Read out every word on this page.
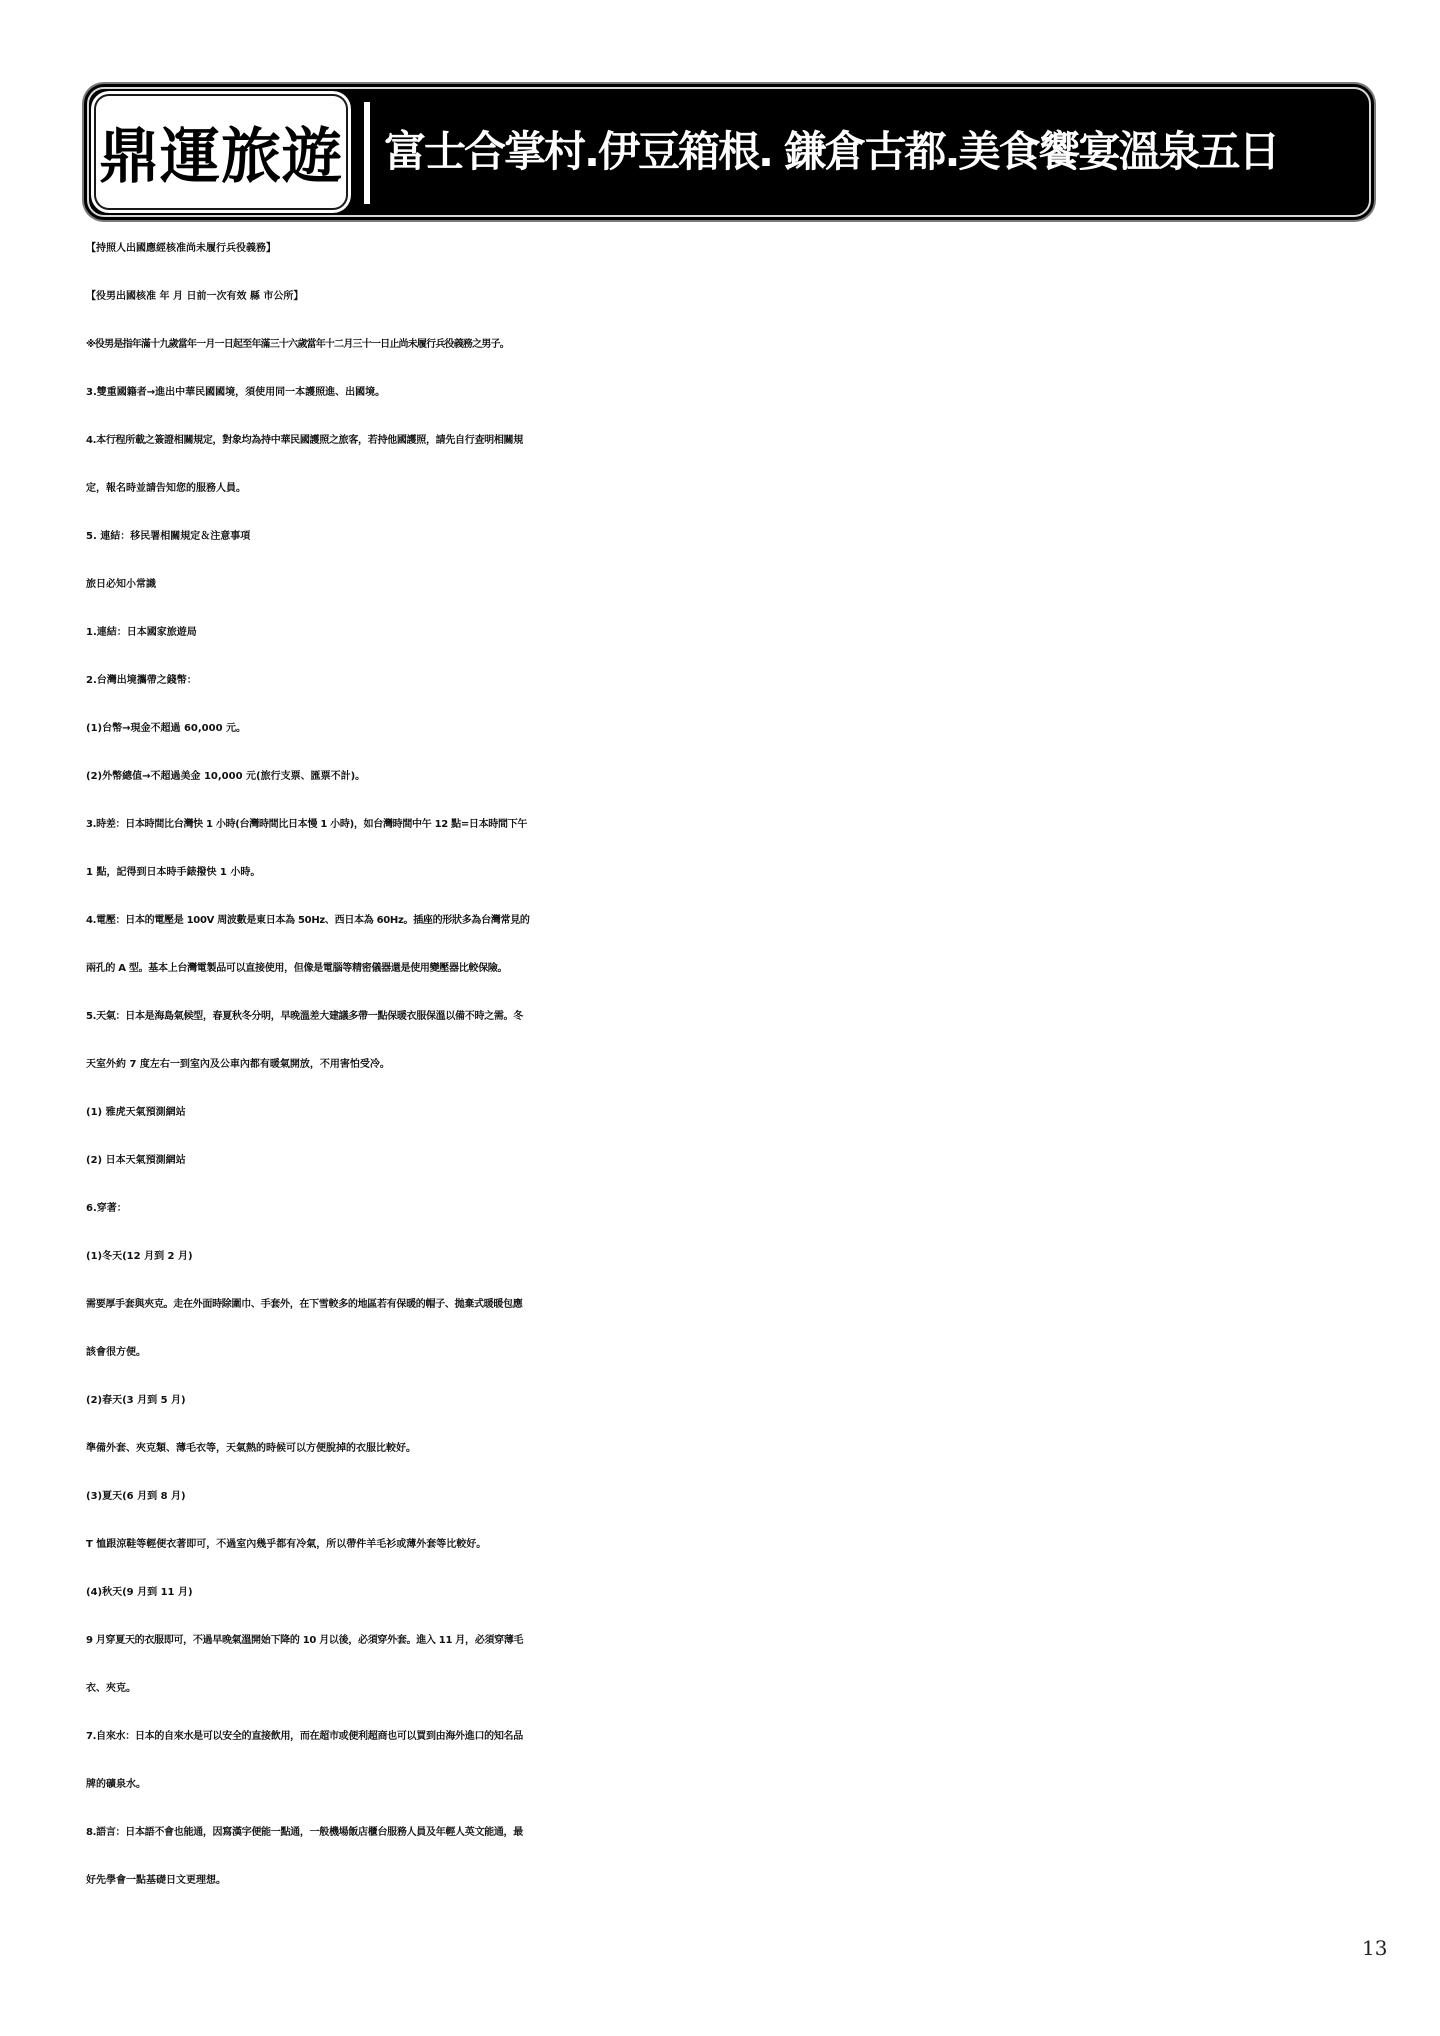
鼎運旅遊 富士合掌村.伊豆箱根. 鎌倉古都.美食饗宴溫泉五日
【持照人出國應經核准尚未履行兵役義務】
【役男出國核准 年 月 日前一次有效 縣 市公所】
※役男是指年滿十九歲當年一月一日起至年滿三十六歲當年十二月三十一日止尚未履行兵役義務之男子。
3.雙重國籍者→進出中華民國國境，須使用同一本護照進、出國境。
4.本行程所載之簽證相關規定，對象均為持中華民國護照之旅客，若持他國護照，請先自行查明相關規
定，報名時並請告知您的服務人員。
5. 連結：移民署相關規定＆注意事項
旅日必知小常識
1.連結：日本國家旅遊局
2.台灣出境攜帶之錢幣：
(1)台幣→現金不超過 60,000 元。
(2)外幣總值→不超過美金 10,000 元(旅行支票、匯票不計)。
3.時差：日本時間比台灣快 1 小時(台灣時間比日本慢 1 小時)，如台灣時間中午 12 點=日本時間下午
1 點，記得到日本時手錶撥快 1 小時。
4.電壓：日本的電壓是 100V 周波數是東日本為 50Hz、西日本為 60Hz。插座的形狀多為台灣常見的
兩孔的 A 型。基本上台灣電製品可以直接使用，但像是電腦等精密儀器還是使用變壓器比較保險。
5.天氣：日本是海島氣候型，春夏秋冬分明，早晚溫差大建議多帶一點保暖衣服保溫以備不時之需。冬
天室外約 7 度左右一到室內及公車內都有暖氣開放，不用害怕受冷。
(1) 雅虎天氣預測網站
(2) 日本天氣預測網站
6.穿著：
(1)冬天(12 月到 2 月)
需要厚手套與夾克。走在外面時除圍巾、手套外，在下雪較多的地區若有保暖的帽子、拋棄式暖暖包應
該會很方便。
(2)春天(3 月到 5 月)
準備外套、夾克類、薄毛衣等，天氣熱的時候可以方便脫掉的衣服比較好。
(3)夏天(6 月到 8 月)
T 恤跟涼鞋等輕便衣著即可，不過室內幾乎都有冷氣，所以帶件羊毛衫或薄外套等比較好。
(4)秋天(9 月到 11 月)
9 月穿夏天的衣服即可，不過早晚氣溫開始下降的 10 月以後，必須穿外套。進入 11 月，必須穿薄毛
衣、夾克。
7.自來水：日本的自來水是可以安全的直接飲用，而在超市或便利超商也可以買到由海外進口的知名品
牌的礦泉水。
8.語言：日本語不會也能通，因寫漢字便能一點通，一般機場飯店櫃台服務人員及年輕人英文能通，最
好先學會一點基礎日文更理想。
13
